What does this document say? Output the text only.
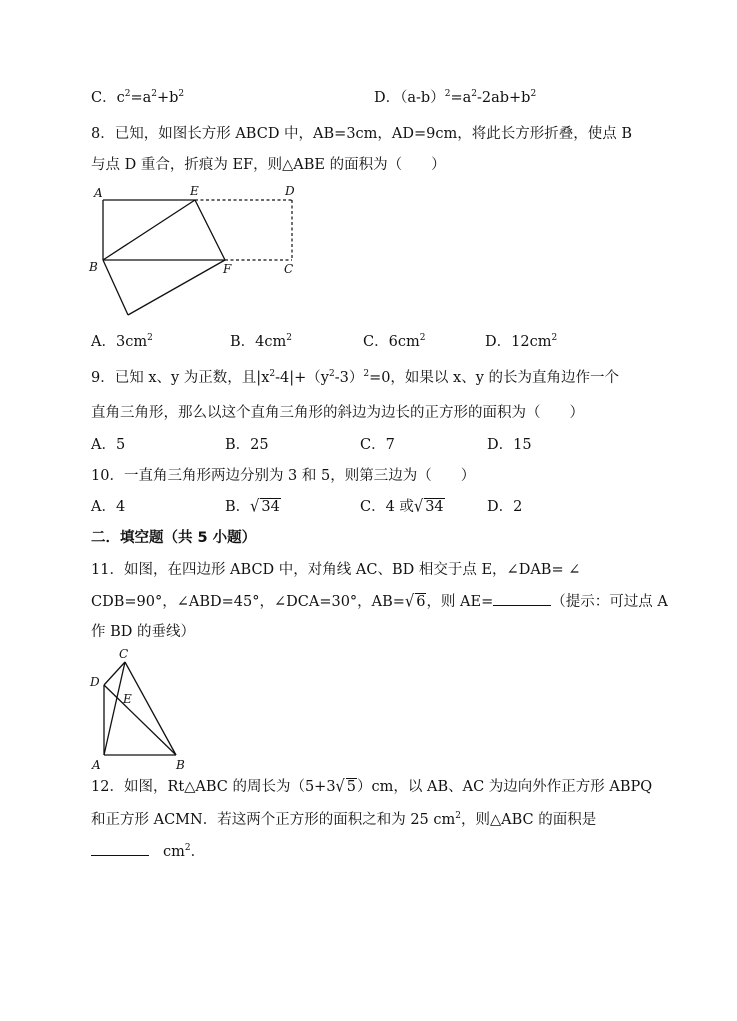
C．$c^2=a^2+b^2$	D．$(a-b)^2=a^2-2ab+b^2$
8．已知，如图长方形 ABCD 中，AB=3cm，AD=9cm，将此长方形折叠，使点 B
与点 D 重合，折痕为 EF，则△ABE 的面积为（　　）
A	E	D
B	F	C
A．$3cm^2$	B．$4cm^2$	C．$6cm^2$	D．$12cm^2$
9．已知 x、y 为正数，且$|x^2-4|+(y^2-3)^2=0$，如果以 x、y 的长为直角边作一个
直角三角形，那么以这个直角三角形的斜边为边长的正方形的面积为（　　）
A．5	B．25	C．7	D．15
10．一直角三角形两边分别为 3 和 5，则第三边为（　　）
A．4	B．√ 34	C．4 或√ 34	D．2
二．填空题（共 5 小题）
11．如图，在四边形 ABCD 中，对角线 AC、BD 相交于点 E，∠DAB= ∠
CDB=90°，∠ABD=45°，∠DCA=30°，AB=√ 6，则 AE=	（提示：可过点 A
作 BD 的垂线）
C
D
E
A	B
12．如图，Rt△ABC 的周长为（5+3√ 5）cm，以 AB、AC 为边向外作正方形 ABPQ
和正方形 ACMN．若这两个正方形的面积之和为 25 $cm^2$，则△ABC 的面积是
$cm^2$．
